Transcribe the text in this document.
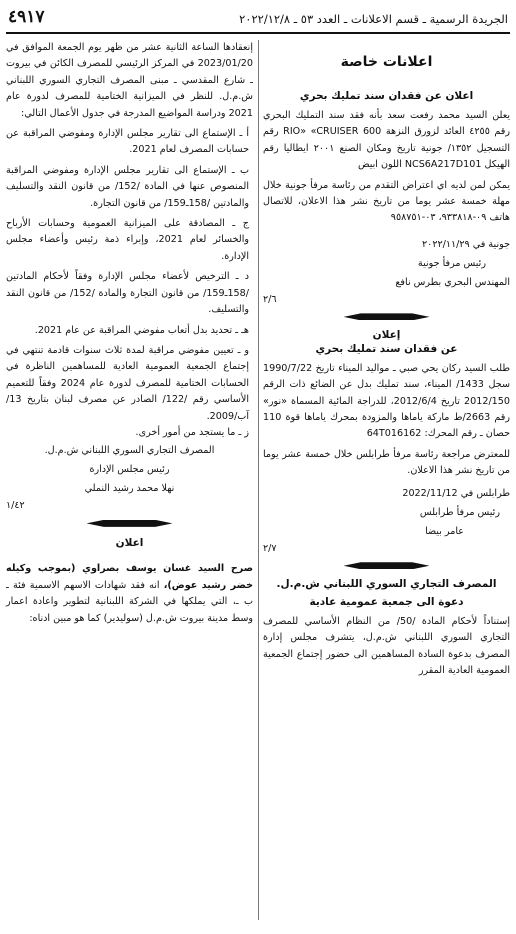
الجريدة الرسمية ـ قسم الاعلانات ـ العدد ٥٣ ـ ٢٠٢٢/١٢/٨
٤٩١٧
اعلانات خاصة
اعلان عن فقدان سند تمليك بحري

يعلن السيد محمد رفعت سعد بأنه فقد سند التمليك البحري رقم ٤٢٥٥ العائد لزورق النزهة 600 RIO» «CRUISER رقم التسجيل ١٣٥٢/ جونية تاريخ ومكان الصنع ٢٠٠١ ايطاليا رقم الهيكل NCS6A217D101 اللون ابيض

يمكن لمن لديه اي اعتراض التقدم من رئاسة مرفأ جونية خلال مهلة خمسة عشر يوما من تاريخ نشر هذا الاعلان، للاتصال هاتف ٠٩-٩٣٣٨١٨، ٠٣-٩٥٨٧٥١

جونية في ٢٠٢٢/١١/٢٩

رئيس مرفأ جونية

المهندس البحري بطرس نافع

٢/٦

إعلان
عن فقدان سند تمليك بحري

طلب السيد ركان يحي صبي ـ مواليد الميناء تاريخ 1990/7/22 سجل 1433/ الميناء، سند تمليك بدل عن الضائع ذات الرقم 2012/150 تاريخ 2012/6/4، للدراجة المائية المسماة «نور» رقم 2663/ط ماركة ياماها والمزودة بمحرك ياماها قوة 110 حصان ـ رقم المحرك: 64T016162

للمعترض مراجعة رئاسة مرفأ طرابلس خلال خمسة عشر يوما من تاريخ نشر هذا الاعلان.

طرابلس في 2022/11/12

رئيس مرفأ طرابلس

عامر بيضا

٢/٧

المصرف التجاري السوري اللبناني ش.م.ل.
دعوة الى جمعية عمومية عادية

إستناداً لأحكام المادة /50/ من النظام الأساسي للمصرف التجاري السوري اللبناني ش.م.ل، يتشرف مجلس إدارة المصرف بدعوة السادة المساهمين الى حضور إجتماع الجمعية العمومية العادية المقرر

إنعقادها الساعة الثانية عشر من ظهر يوم الجمعة الموافق في 2023/01/20 في المركز الرئيسي للمصرف الكائن في بيروت ـ شارع المقدسي ـ مبنى المصرف التجاري السوري اللبناني ش.م.ل. للنظر في الميزانية الختامية للمصرف لدورة عام 2021 ودراسة المواضيع المدرجة في جدول الأعمال التالي:

أ ـ الإستماع الى تقارير مجلس الإدارة ومفوضي المراقبة عن حسابات المصرف لعام 2021.

ب ـ الإستماع الى تقارير مجلس الإدارة ومفوضي المراقبة المنصوص عنها في المادة /152/ من قانون النقد والتسليف والمادتين /158ـ159/ من قانون التجارة.

ج ـ المصادقة على الميزانية العمومية وحسابات الأرباح والخسائر لعام 2021، وإبراء ذمة رئيس وأعضاء مجلس الإدارة.

د ـ الترخيص لأعضاء مجلس الإدارة وفقاً لأحكام المادتين /158ـ159/ من قانون التجارة والمادة /152/ من قانون النقد والتسليف.

هـ ـ تحديد بدل أتعاب مفوضي المراقبة عن عام 2021.

و ـ تعيين مفوضي مراقبة لمدة ثلاث سنوات قادمة تنتهي في إجتماع الجمعية العمومية العادية للمساهمين الناظرة في الحسابات الختامية للمصرف لدورة عام 2024 وفقاً للتعميم الأساسي رقم /122/ الصادر عن مصرف لبنان بتاريخ 13/آب/2009.

ز ـ ما يستجد من أمور أخرى.

المصرف التجاري السوري اللبناني ش.م.ل.

رئيس مجلس الإدارة

نهلا محمد رشيد النملي

١/٤٢

اعلان

صرح السيد غسان يوسف بصراوي (بموجب وكيله خضر رشيد عوض)، انه فقد شهادات الاسهم الاسمية فئة ـ ب ـ، التي يملكها في الشركة اللبنانية لتطوير واعادة اعمار وسط مدينة بيروت ش.م.ل (سوليدير) كما هو مبين ادناه:
